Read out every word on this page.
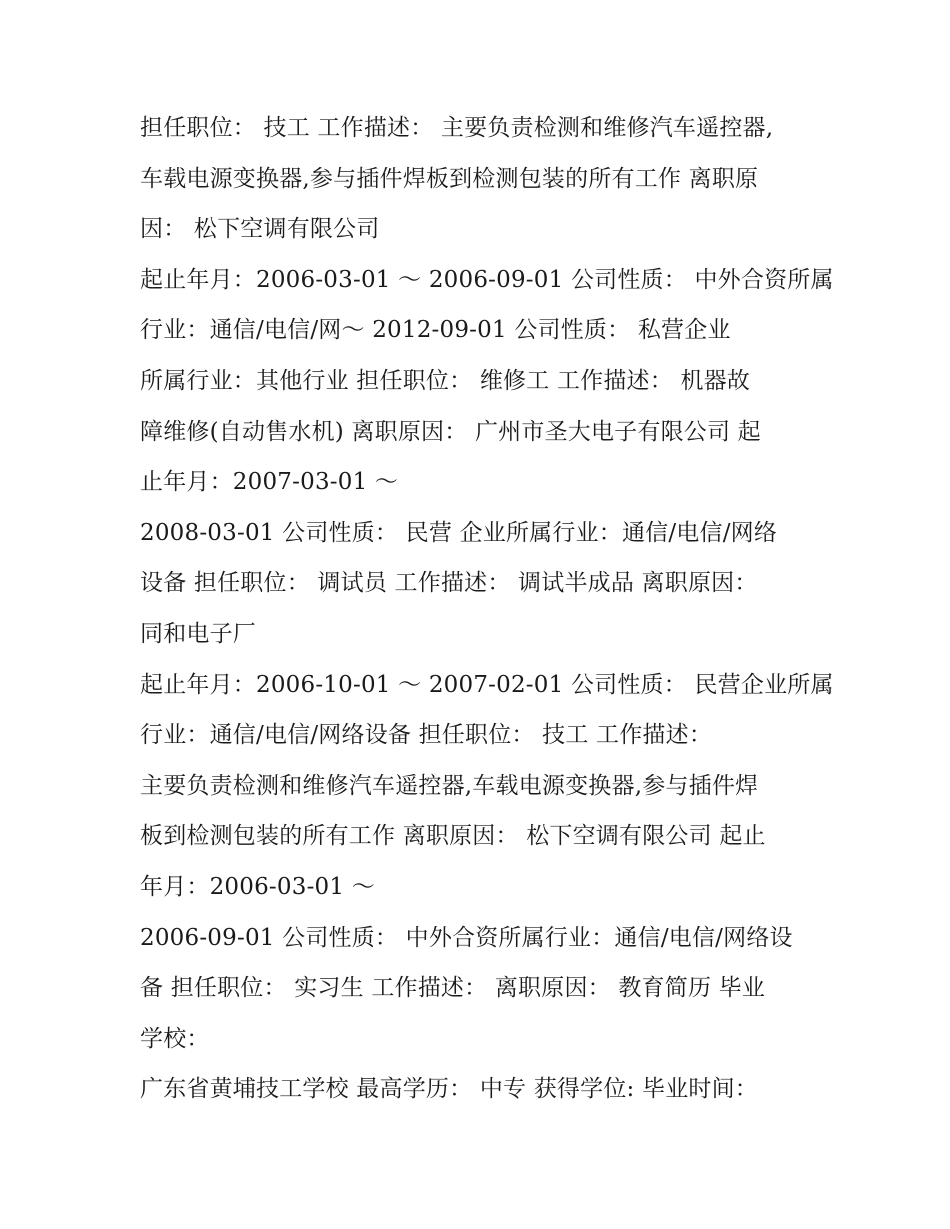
担任职位： 技工 工作描述： 主要负责检测和维修汽车遥控器,
车载电源变换器,参与插件焊板到检测包装的所有工作 离职原
因： 松下空调有限公司
起止年月：2006-03-01 ～ 2006-09-01 公司性质： 中外合资所属
行业：通信/电信/网～ 2012-09-01 公司性质： 私营企业
所属行业：其他行业 担任职位： 维修工 工作描述： 机器故
障维修(自动售水机) 离职原因： 广州市圣大电子有限公司 起
止年月：2007-03-01 ～
2008-03-01 公司性质： 民营 企业所属行业：通信/电信/网络
设备 担任职位： 调试员 工作描述： 调试半成品 离职原因：
同和电子厂
起止年月：2006-10-01 ～ 2007-02-01 公司性质： 民营企业所属
行业：通信/电信/网络设备 担任职位： 技工 工作描述：
主要负责检测和维修汽车遥控器,车载电源变换器,参与插件焊
板到检测包装的所有工作 离职原因： 松下空调有限公司 起止
年月：2006-03-01 ～
2006-09-01 公司性质： 中外合资所属行业：通信/电信/网络设
备 担任职位： 实习生 工作描述： 离职原因： 教育简历 毕业
学校：
广东省黄埔技工学校 最高学历： 中专 获得学位: 毕业时间：
